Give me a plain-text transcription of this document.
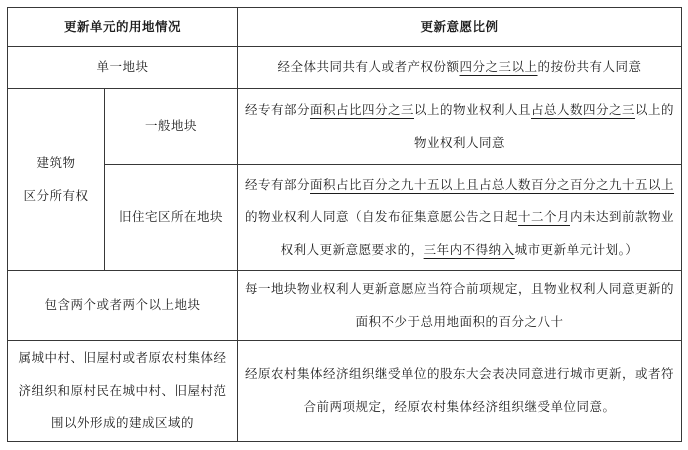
更新单元的用地情况		更新意愿比例
单一地块		经全体共同共有人或者产权份额四分之三以上的按份共有人同意
建筑物
区分所有权	一般地块	经专有部分面积占比四分之三以上的物业权利人且占总人数四分之三以上的
物业权利人同意
	旧住宅区所在地块	经专有部分面积占比百分之九十五以上且占总人数百分之百分之九十五以上
的物业权利人同意（自发布征集意愿公告之日起十二个月内未达到前款物业
权利人更新意愿要求的，三年内不得纳入城市更新单元计划。）
包含两个或者两个以上地块		每一地块物业权利人更新意愿应当符合前项规定，且物业权利人同意更新的
面积不少于总用地面积的百分之八十
属城中村、旧屋村或者原农村集体经
济组织和原村民在城中村、旧屋村范
围以外形成的建成区域的		经原农村集体经济组织继受单位的股东大会表决同意进行城市更新，或者符
合前两项规定，经原农村集体经济组织继受单位同意。
